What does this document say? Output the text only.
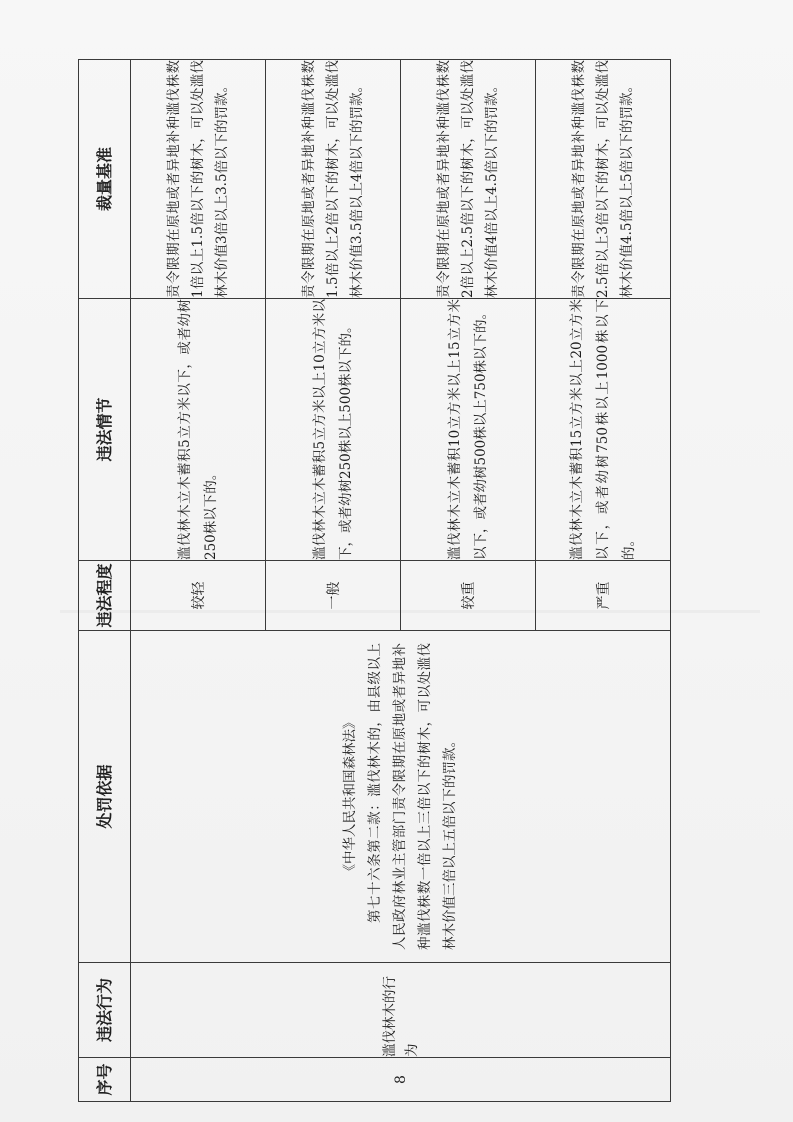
序号	违法行为	处罚依据	违法程度	违法情节	裁量基准
8	滥伐林木的行为	《中华人民共和国森林法》 第七十六条第二款：滥伐林木的，由县级以上人民政府林业主管部门责令限期在原地或者异地补种滥伐株数一倍以上三倍以下的树木，可以处滥伐林木价值三倍以上五倍以下的罚款。	较轻	滥伐林木立木蓄积5立方米以下，或者幼树250株以下的。	责令限期在原地或者异地补种滥伐株数1倍以上1.5倍以下的树木，可以处滥伐林木价值3倍以上3.5倍以下的罚款。
			一般	滥伐林木立木蓄积5立方米以上10立方米以下，或者幼树250株以上500株以下的。	责令限期在原地或者异地补种滥伐株数1.5倍以上2倍以下的树木，可以处滥伐林木价值3.5倍以上4倍以下的罚款。
			较重	滥伐林木立木蓄积10立方米以上15立方米以下，或者幼树500株以上750株以下的。	责令限期在原地或者异地补种滥伐株数2倍以上2.5倍以下的树木，可以处滥伐林木价值4倍以上4.5倍以下的罚款。
			严重	滥伐林木立木蓄积15立方米以上20立方米以下，或者幼树750株以上1000株以下的。	责令限期在原地或者异地补种滥伐株数2.5倍以上3倍以下的树木，可以处滥伐林木价值4.5倍以上5倍以下的罚款。
